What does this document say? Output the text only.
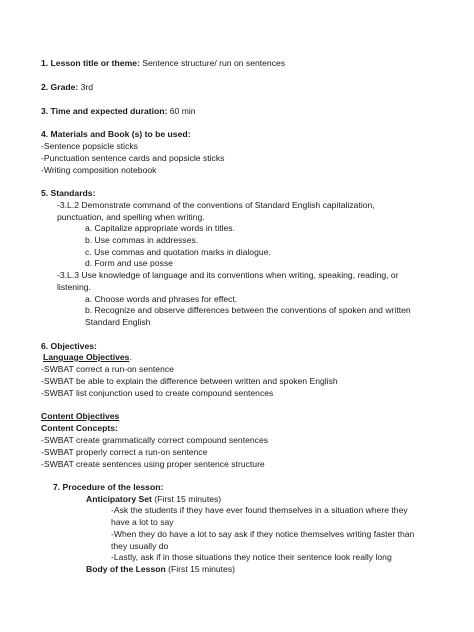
1. Lesson title or theme: Sentence structure/ run on sentences
2. Grade: 3rd
3. Time and expected duration: 60 min
4. Materials and Book (s) to be used:
-Sentence popsicle sticks
-Punctuation sentence cards and popsicle sticks
-Writing composition notebook
5. Standards:
-3.L.2 Demonstrate command of the conventions of Standard English capitalization,
punctuation, and spelling when writing.
a. Capitalize appropriate words in titles.
b. Use commas in addresses.
c. Use commas and quotation marks in dialogue.
d. Form and use posse
-3.L.3 Use knowledge of language and its conventions when writing, speaking, reading, or
listening.
a. Choose words and phrases for effect.
b. Recognize and observe differences between the conventions of spoken and written
Standard English
6. Objectives:
Language Objectives.
-SWBAT correct a run-on sentence
-SWBAT be able to explain the difference between written and spoken English
-SWBAT list conjunction used to create compound sentences
Content Objectives
Content Concepts:
-SWBAT create grammatically correct compound sentences
-SWBAT properly correct a run-on sentence
-SWBAT create sentences using proper sentence structure
7. Procedure of the lesson:
Anticipatory Set (First 15 minutes)
-Ask the students if they have ever found themselves in a situation where they
have a lot to say
-When they do have a lot to say ask if they notice themselves writing faster than
they usually do
-Lastly, ask if in those situations they notice their sentence look really long
Body of the Lesson (First 15 minutes)
